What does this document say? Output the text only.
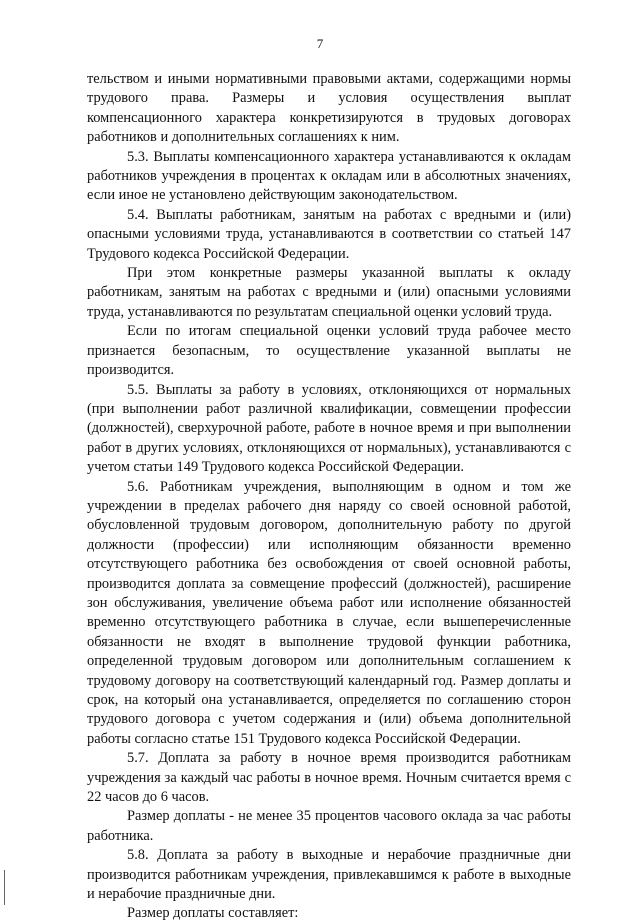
7

тельством и иными нормативными правовыми актами, содержащими нормы трудового права. Размеры и условия осуществления выплат компенсационного характера конкретизируются в трудовых договорах работников и дополнительных соглашениях к ним.

5.3. Выплаты компенсационного характера устанавливаются к окладам работников учреждения в процентах к окладам или в абсолютных значениях, если иное не установлено действующим законодательством.

5.4. Выплаты работникам, занятым на работах с вредными и (или) опасными условиями труда, устанавливаются в соответствии со статьей 147 Трудового кодекса Российской Федерации.

При этом конкретные размеры указанной выплаты к окладу работникам, занятым на работах с вредными и (или) опасными условиями труда, устанавливаются по результатам специальной оценки условий труда.

Если по итогам специальной оценки условий труда рабочее место признается безопасным, то осуществление указанной выплаты не производится.

5.5. Выплаты за работу в условиях, отклоняющихся от нормальных (при выполнении работ различной квалификации, совмещении профессии (должностей), сверхурочной работе, работе в ночное время и при выполнении работ в других условиях, отклоняющихся от нормальных), устанавливаются с учетом статьи 149 Трудового кодекса Российской Федерации.

5.6. Работникам учреждения, выполняющим в одном и том же учреждении в пределах рабочего дня наряду со своей основной работой, обусловленной трудовым договором, дополнительную работу по другой должности (профессии) или исполняющим обязанности временно отсутствующего работника без освобождения от своей основной работы, производится доплата за совмещение профессий (должностей), расширение зон обслуживания, увеличение объема работ или исполнение обязанностей временно отсутствующего работника в случае, если вышеперечисленные обязанности не входят в выполнение трудовой функции работника, определенной трудовым договором или дополнительным соглашением к трудовому договору на соответствующий календарный год. Размер доплаты и срок, на который она устанавливается, определяется по соглашению сторон трудового договора с учетом содержания и (или) объема дополнительной работы согласно статье 151 Трудового кодекса Российской Федерации.

5.7. Доплата за работу в ночное время производится работникам учреждения за каждый час работы в ночное время. Ночным считается время с 22 часов до 6 часов.

Размер доплаты - не менее 35 процентов часового оклада за час работы работника.

5.8. Доплата за работу в выходные и нерабочие праздничные дни производится работникам учреждения, привлекавшимся к работе в выходные и нерабочие праздничные дни.

Размер доплаты составляет:
